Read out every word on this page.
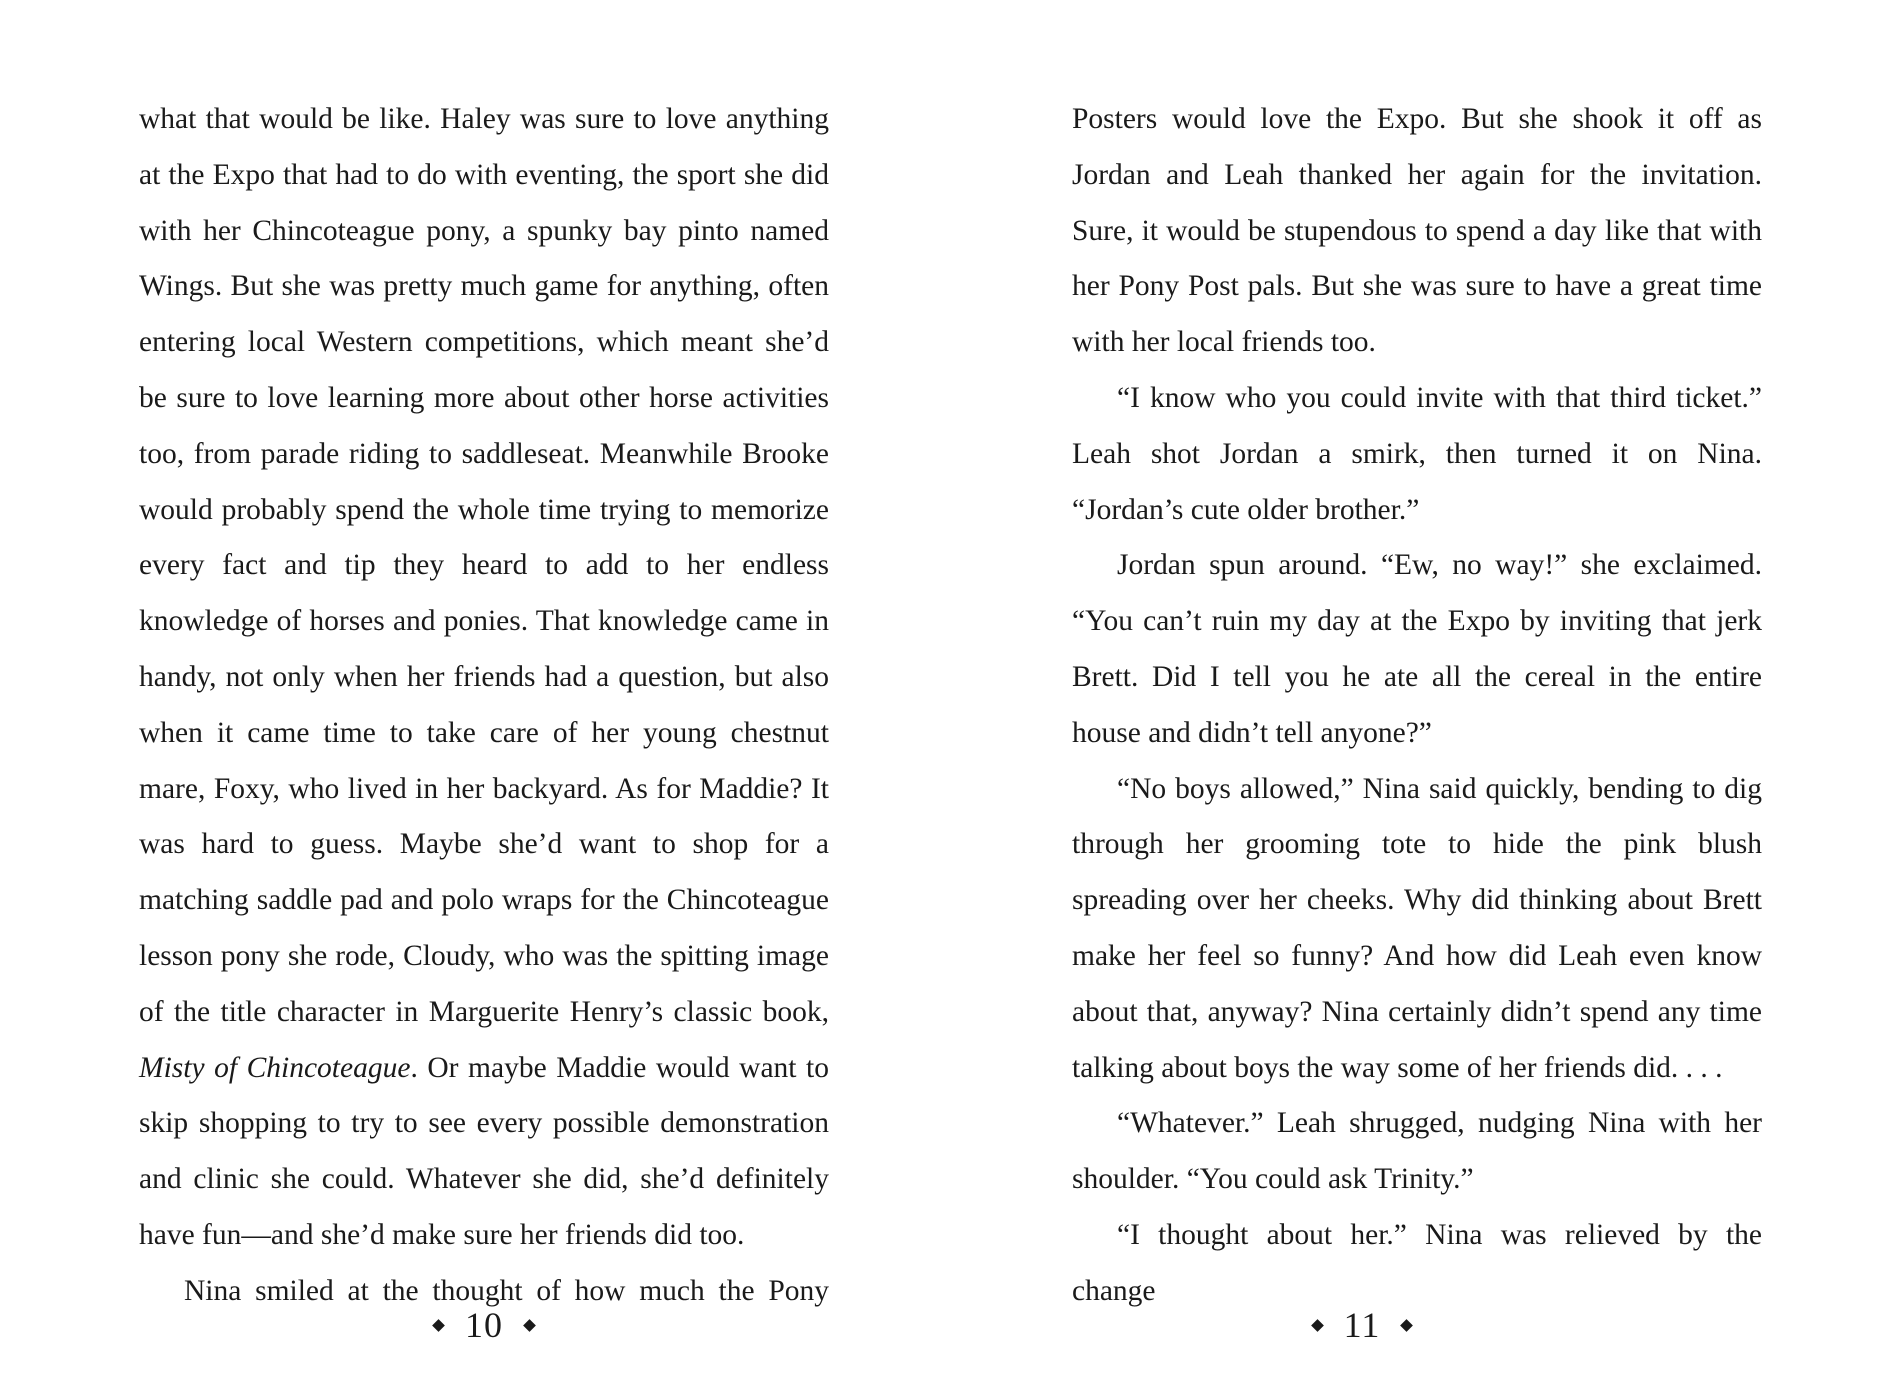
what that would be like. Haley was sure to love anything at the Expo that had to do with eventing, the sport she did with her Chincoteague pony, a spunky bay pinto named Wings. But she was pretty much game for anything, often entering local Western competitions, which meant she’d be sure to love learning more about other horse activities too, from parade riding to saddleseat. Meanwhile Brooke would probably spend the whole time trying to memorize every fact and tip they heard to add to her endless knowledge of horses and ponies. That knowledge came in handy, not only when her friends had a question, but also when it came time to take care of her young chestnut mare, Foxy, who lived in her backyard. As for Maddie? It was hard to guess. Maybe she’d want to shop for a matching saddle pad and polo wraps for the Chincoteague lesson pony she rode, Cloudy, who was the spitting image of the title character in Marguerite Henry’s classic book, Misty of Chincoteague. Or maybe Maddie would want to skip shopping to try to see every possible demonstration and clinic she could. Whatever she did, she’d definitely have fun—and she’d make sure her friends did too.

Nina smiled at the thought of how much the Pony

10

Posters would love the Expo. But she shook it off as Jordan and Leah thanked her again for the invitation. Sure, it would be stupendous to spend a day like that with her Pony Post pals. But she was sure to have a great time with her local friends too.

“I know who you could invite with that third ticket.” Leah shot Jordan a smirk, then turned it on Nina. “Jordan’s cute older brother.”

Jordan spun around. “Ew, no way!” she exclaimed. “You can’t ruin my day at the Expo by inviting that jerk Brett. Did I tell you he ate all the cereal in the entire house and didn’t tell anyone?”

“No boys allowed,” Nina said quickly, bending to dig through her grooming tote to hide the pink blush spreading over her cheeks. Why did thinking about Brett make her feel so funny? And how did Leah even know about that, anyway? Nina certainly didn’t spend any time talking about boys the way some of her friends did. . . .

“Whatever.” Leah shrugged, nudging Nina with her shoulder. “You could ask Trinity.”

“I thought about her.” Nina was relieved by the change

11
